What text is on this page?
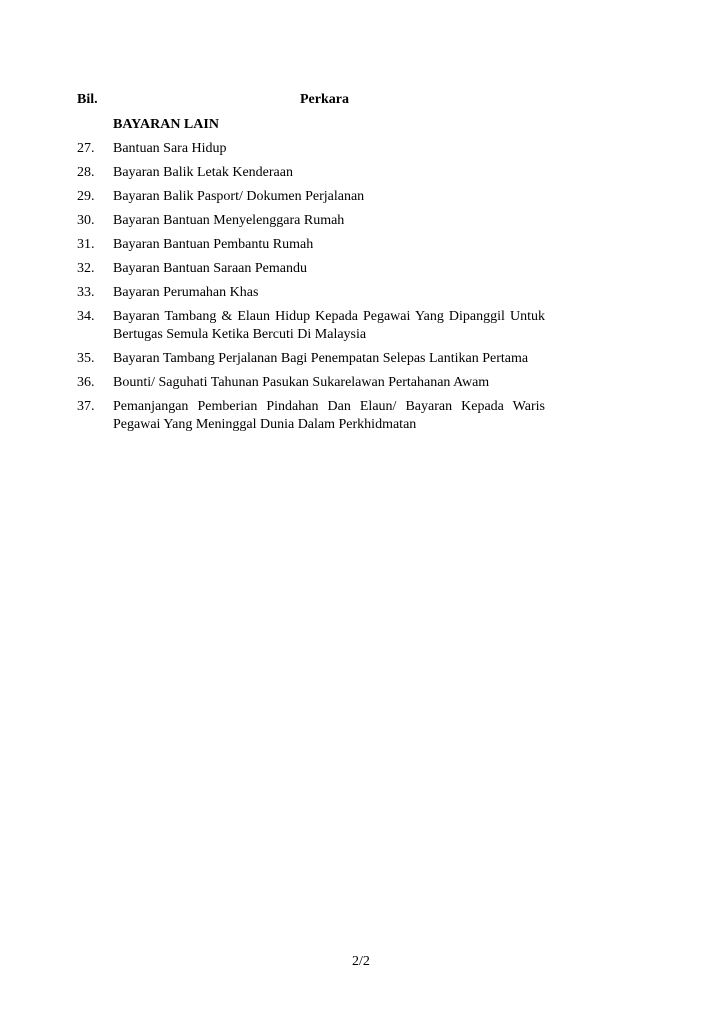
Bil.	Perkara
BAYARAN LAIN
27.	Bantuan Sara Hidup
28.	Bayaran Balik Letak Kenderaan
29.	Bayaran Balik Pasport/ Dokumen Perjalanan
30.	Bayaran Bantuan Menyelenggara Rumah
31.	Bayaran Bantuan Pembantu Rumah
32.	Bayaran Bantuan Saraan Pemandu
33.	Bayaran Perumahan Khas
34.	Bayaran Tambang & Elaun Hidup Kepada Pegawai Yang Dipanggil Untuk Bertugas Semula Ketika Bercuti Di Malaysia
35.	Bayaran Tambang Perjalanan Bagi Penempatan Selepas Lantikan Pertama
36.	Bounti/ Saguhati Tahunan Pasukan Sukarelawan Pertahanan Awam
37.	Pemanjangan Pemberian Pindahan Dan Elaun/ Bayaran Kepada Waris Pegawai Yang Meninggal Dunia Dalam Perkhidmatan
2/2
